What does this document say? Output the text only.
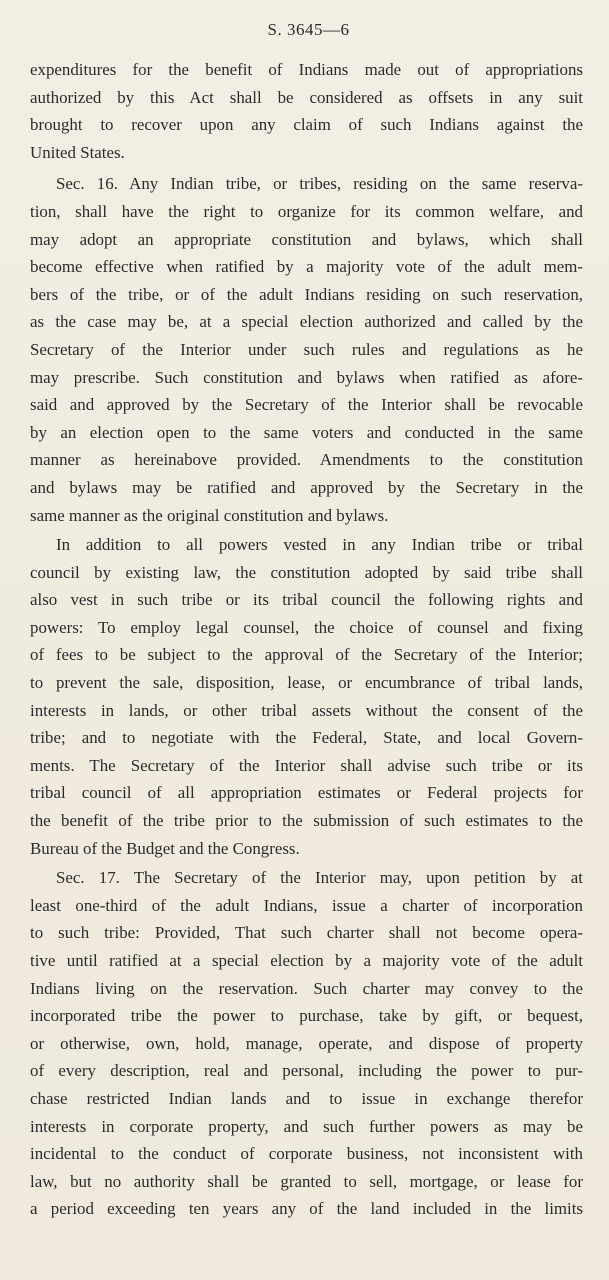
S. 3645—6
expenditures for the benefit of Indians made out of appropriations
authorized by this Act shall be considered as offsets in any suit
brought to recover upon any claim of such Indians against the
United States.
Sec. 16. Any Indian tribe, or tribes, residing on the same reserva-
tion, shall have the right to organize for its common welfare, and
may adopt an appropriate constitution and bylaws, which shall
become effective when ratified by a majority vote of the adult mem-
bers of the tribe, or of the adult Indians residing on such reservation,
as the case may be, at a special election authorized and called by the
Secretary of the Interior under such rules and regulations as he
may prescribe. Such constitution and bylaws when ratified as afore-
said and approved by the Secretary of the Interior shall be revocable
by an election open to the same voters and conducted in the same
manner as hereinabove provided. Amendments to the constitution
and bylaws may be ratified and approved by the Secretary in the
same manner as the original constitution and bylaws.
In addition to all powers vested in any Indian tribe or tribal
council by existing law, the constitution adopted by said tribe shall
also vest in such tribe or its tribal council the following rights and
powers: To employ legal counsel, the choice of counsel and fixing
of fees to be subject to the approval of the Secretary of the Interior;
to prevent the sale, disposition, lease, or encumbrance of tribal lands,
interests in lands, or other tribal assets without the consent of the
tribe; and to negotiate with the Federal, State, and local Govern-
ments. The Secretary of the Interior shall advise such tribe or its
tribal council of all appropriation estimates or Federal projects for
the benefit of the tribe prior to the submission of such estimates to the
Bureau of the Budget and the Congress.
Sec. 17. The Secretary of the Interior may, upon petition by at
least one-third of the adult Indians, issue a charter of incorporation
to such tribe: Provided, That such charter shall not become opera-
tive until ratified at a special election by a majority vote of the adult
Indians living on the reservation. Such charter may convey to the
incorporated tribe the power to purchase, take by gift, or bequest,
or otherwise, own, hold, manage, operate, and dispose of property
of every description, real and personal, including the power to pur-
chase restricted Indian lands and to issue in exchange therefor
interests in corporate property, and such further powers as may be
incidental to the conduct of corporate business, not inconsistent with
law, but no authority shall be granted to sell, mortgage, or lease for
a period exceeding ten years any of the land included in the limits
